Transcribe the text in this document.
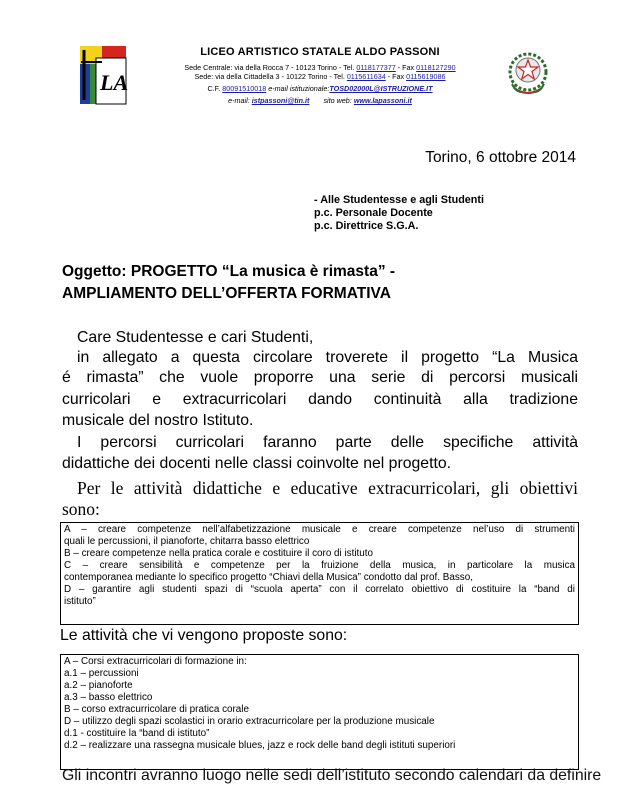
LA
LICEO ARTISTICO STATALE ALDO PASSONI
Sede Centrale: via della Rocca 7 - 10123 Torino - Tel. 0118177377 - Fax 0118127290
Sede: via della Cittadella 3 - 10122 Torino - Tel. 0115611634 - Fax 0115619086
C.F. 80091510018 e-mail istituzionale:TOSD02000L@ISTRUZIONE.IT
e-mail: istpassoni@tin.it sito web: www.lapassoni.it
Torino, 6 ottobre 2014
- Alle Studentesse e agli Studenti
p.c. Personale Docente
p.c. Direttrice S.G.A.
Oggetto: PROGETTO “La musica è rimasta” -
AMPLIAMENTO DELL’OFFERTA FORMATIVA
Care Studentesse e cari Studenti,
in allegato a questa circolare troverete il progetto “La Musica
é rimasta” che vuole proporre una serie di percorsi musicali
curricolari e extracurricolari dando continuità alla tradizione
musicale del nostro Istituto.
I percorsi curricolari faranno parte delle specifiche attività
didattiche dei docenti nelle classi coinvolte nel progetto.
Per le attività didattiche e educative extracurricolari, gli obiettivi
sono:
A – creare competenze nell’alfabetizzazione musicale e creare competenze nel’uso di strumenti
quali le percussioni, il pianoforte, chitarra basso elettrico
B – creare competenze nella pratica corale e costituire il coro di istituto
C – creare sensibilità e competenze per la fruizione della musica, in particolare la musica
contemporanea mediante lo specifico progetto “Chiavi della Musica” condotto dal prof. Basso,
D – garantire agli studenti spazi di “scuola aperta” con il correlato obiettivo di costituire la “band di
istituto”
Le attività che vi vengono proposte sono:
A – Corsi extracurricolari di formazione in:
a.1 – percussioni
a.2 – pianoforte
a.3 – basso elettrico
B – corso extracurricolare di pratica corale
D – utilizzo degli spazi scolastici in orario extracurricolare per la produzione musicale
d.1 - costituire la “band di istituto”
d.2 – realizzare una rassegna musicale blues, jazz e rock delle band degli istituti superiori
Gli incontri avranno luogo nelle sedi dell’istituto secondo calendari da definire
